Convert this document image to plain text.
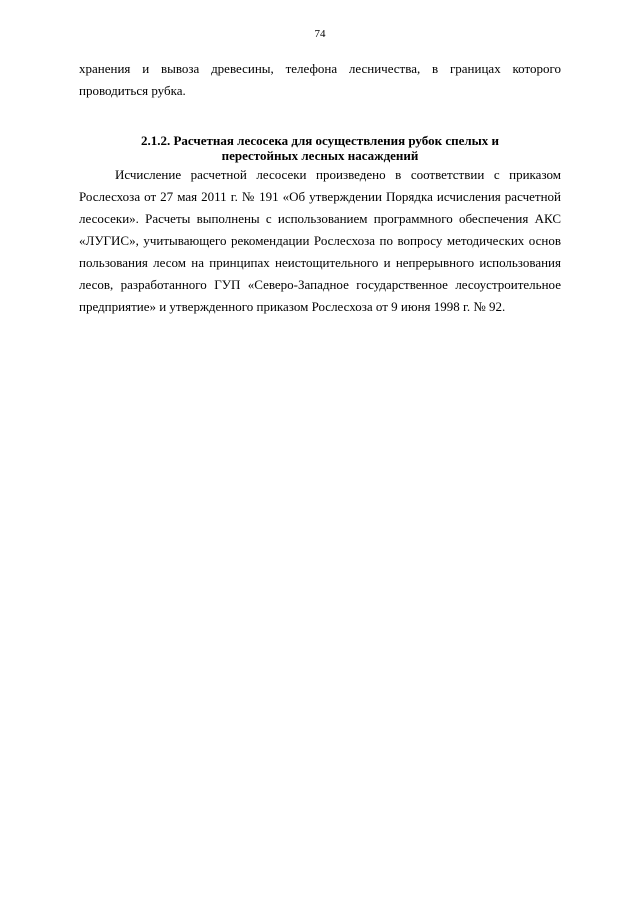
74

хранения и вывоза древесины, телефона лесничества, в границах которого проводиться рубка.

2.1.2. Расчетная лесосека для осуществления рубок спелых и
перестойных лесных насаждений

Исчисление расчетной лесосеки произведено в соответствии с приказом Рослесхоза от 27 мая 2011 г. № 191 «Об утверждении Порядка исчисления расчетной лесосеки». Расчеты выполнены с использованием программного обеспечения АКС «ЛУГИС», учитывающего рекомендации Рослесхоза по вопросу методических основ пользования лесом на принципах неистощительного и непрерывного использования лесов, разработанного ГУП «Северо-Западное государственное лесоустроительное предприятие» и утвержденного приказом Рослесхоза от 9 июня 1998 г. № 92.
